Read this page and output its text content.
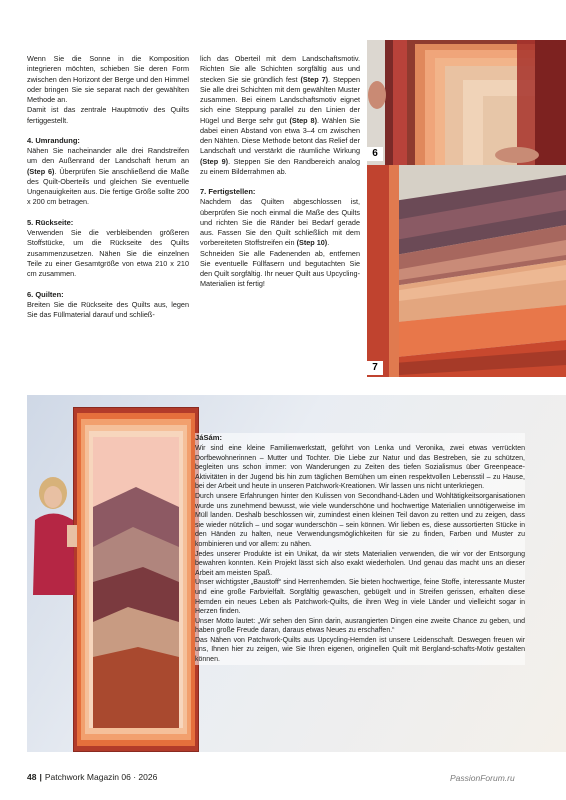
Wenn Sie die Sonne in die Komposition integrieren möchten, schieben Sie deren Form zwischen den Horizont der Berge und den Himmel oder bringen Sie sie separat nach der gewählten Methode an.
Damit ist das zentrale Hauptmotiv des Quilts fertiggestellt.

4. Umrandung:

Nähen Sie nacheinander alle drei Randstreifen um den Außenrand der Landschaft herum an (Step 6). Überprüfen Sie anschließend die Maße des Quilt-Oberteils und gleichen Sie eventuelle Ungenauigkeiten aus. Die fertige Größe sollte 200 x 200 cm betragen.

5. Rückseite:

Verwenden Sie die verbleibenden größeren Stoffstücke, um die Rückseite des Quilts zusammenzusetzen. Nähen Sie die einzelnen Teile zu einer Gesamtgröße von etwa 210 x 210 cm zusammen.

6. Quilten:

Breiten Sie die Rückseite des Quilts aus, legen Sie das Füllmaterial darauf und schließ-

lich das Oberteil mit dem Landschaftsmotiv. Richten Sie alle Schichten sorgfältig aus und stecken Sie sie gründlich fest (Step 7). Steppen Sie alle drei Schichten mit dem gewählten Muster zusammen. Bei einem Landschaftsmotiv eignet sich eine Steppung parallel zu den Linien der Hügel und Berge sehr gut (Step 8). Wählen Sie dabei einen Abstand von etwa 3–4 cm zwischen den Nähten. Diese Methode betont das Relief der Landschaft und verstärkt die räumliche Wirkung (Step 9). Steppen Sie den Randbereich analog zu einem Bilderrahmen ab.

7. Fertigstellen:

Nachdem das Quilten abgeschlossen ist, überprüfen Sie noch einmal die Maße des Quilts und richten Sie die Ränder bei Bedarf gerade aus. Fassen Sie den Quilt schließlich mit dem vorbereiteten Stoffstreifen ein (Step 10).
Schneiden Sie alle Fadenenden ab, entfernen Sie eventuelle Füllfasern und begutachten Sie den Quilt sorgfältig. Ihr neuer Quilt aus Upcycling-Materialien ist fertig!

6
7
JáSám:

Wir sind eine kleine Familienwerkstatt, geführt von Lenka und Veronika, zwei etwas verrückten Dorfbewohnerinnen – Mutter und Tochter. Die Liebe zur Natur und das Bestreben, sie zu schützen, begleiten uns schon immer: von Wanderungen zu Zeiten des tiefen Sozialismus über Greenpeace-Aktivitäten in der Jugend bis hin zum täglichen Bemühen um einen respektvollen Lebensstil – zu Hause, bei der Arbeit und heute in unseren Patchwork-Kreationen. Wir lassen uns nicht unterkriegen.

Durch unsere Erfahrungen hinter den Kulissen von Secondhand-Läden und Wohltätigkeitsorganisationen wurde uns zunehmend bewusst, wie viele wunderschöne und hochwertige Materialien unnötigerweise im Müll landen. Deshalb beschlossen wir, zumindest einen kleinen Teil davon zu retten und zu zeigen, dass sie wieder nützlich – und sogar wunderschön – sein können. Wir lieben es, diese aussortierten Stücke in den Händen zu halten, neue Verwendungsmöglichkeiten für sie zu finden, Farben und Muster zu kombinieren und vor allem: zu nähen.

Jedes unserer Produkte ist ein Unikat, da wir stets Materialien verwenden, die wir vor der Entsorgung bewahren konnten. Kein Projekt lässt sich also exakt wiederholen. Und genau das macht uns an dieser Arbeit am meisten Spaß.

Unser wichtigster „Baustoff“ sind Herrenhemden. Sie bieten hochwertige, feine Stoffe, interessante Muster und eine große Farbvielfalt. Sorgfältig gewaschen, gebügelt und in Streifen gerissen, erhalten diese Hemden ein neues Leben als Patchwork-Quilts, die ihren Weg in viele Länder und vielleicht sogar in Herzen finden.

Unser Motto lautet: „Wir sehen den Sinn darin, ausrangierten Dingen eine zweite Chance zu geben, und haben große Freude daran, daraus etwas Neues zu erschaffen.“

Das Nähen von Patchwork-Quilts aus Upcycling-Hemden ist unsere Leidenschaft. Deswegen freuen wir uns, Ihnen hier zu zeigen, wie Sie Ihren eigenen, originellen Quilt mit Bergland-schafts-Motiv gestalten können.

48 | Patchwork Magazin 06 · 2026	PassionForum.ru
